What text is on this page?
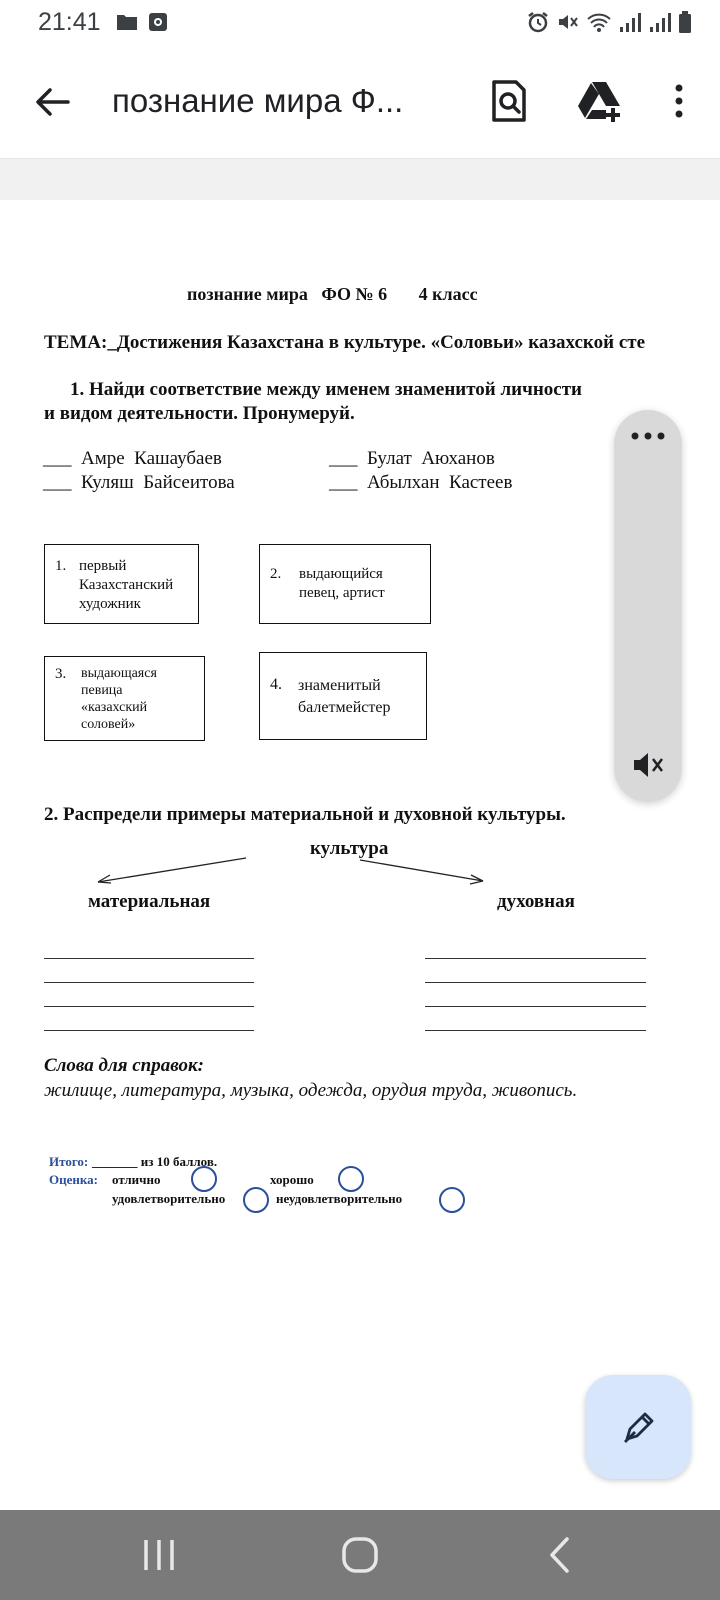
21:41
познание мира Ф...
познание мира   ФО № 6       4 класс
ТЕМА:_Достижения Казахстана в культуре. «Соловьи» казахской сте
1. Найди соответствие между именем знаменитой личности
и видом деятельности. Пронумеруй.
___  Амре  Кашаубаев	___  Булат  Аюханов
___  Куляш  Байсеитова	___  Абылхан  Кастеев
1. первый
Казахстанский
художник
2. выдающийся
певец, артист
3. выдающаяся
певица
«казахский
соловей»
4. знаменитый
балетмейстер
2. Распредели примеры материальной и духовной культуры.
культура
материальная	духовная
Слова для справок:
жилище, литература, музыка, одежда, орудия труда, живопись.
Итого: _______ из 10 баллов.
Оценка: отлично	хорошо
удовлетворительно	неудовлетворительно
